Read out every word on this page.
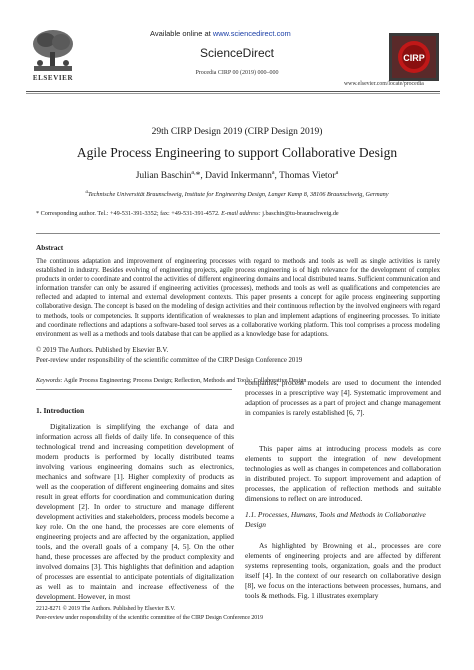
ELSEVIER
Available online at www.sciencedirect.com
ScienceDirect
Procedia CIRP 00 (2019) 000–000
CIRP
www.elsevier.com/locate/procedia
29th CIRP Design 2019 (CIRP Design 2019)
Agile Process Engineering to support Collaborative Design
Julian Baschin$^{a,}$*, David Inkermann$^a$, Thomas Vietor$^a$
$^a$Technische Universität Braunschweig, Institute for Engineering Design, Langer Kamp 8, 38106 Braunschweig, Germany
* Corresponding author. Tel.: +49-531-391-3352; fax: +49-531-391-4572. E-mail address: j.baschin@tu-braunschweig.de
Abstract
The continuous adaptation and improvement of engineering processes with regard to methods and tools as well as single activities is rarely established in industry. Besides evolving of engineering projects, agile process engineering is of high relevance for the development of complex products in order to coordinate and control the activities of different engineering domains and local distributed teams. Sufficient communication and information transfer can only be assured if engineering activities (processes), methods and tools as well as qualifications and competencies are reflected and adapted to internal and external development contexts. This paper presents a concept for agile process engineering supporting collaborative design. The concept is based on the modeling of design activities and their continuous reflection by the involved engineers with regard to methods, tools or competencies. It supports identification of weaknesses to plan and implement adaptions of engineering processes. To initiate and coordinate reflections and adaptions a software-based tool serves as a collaborative working platform. This tool comprises a process modeling environment as well as a methods and tools database that can be applied as a knowledge base for adaptions.
© 2019 The Authors. Published by Elsevier B.V.
Peer-review under responsibility of the scientific committee of the CIRP Design Conference 2019
Keywords: Agile Process Engineering; Process Design; Reflection, Methods and Tools; Collaborative Design
1. Introduction

Digitalization is simplifying the exchange of data and information across all fields of daily life. In consequence of this technological trend and increasing competition development of modern products is performed by locally distributed teams involving various engineering domains such as electronics, mechanics and software [1]. Higher complexity of products as well as the cooperation of different engineering domains and sites result in great efforts for coordination and communication during development [2]. In order to structure and manage different development activities and stakeholders, process models become a key role. On the one hand, the processes are core elements of engineering projects and are affected by the organization, applied tools, and the overall goals of a company [4, 5]. On the other hand, these processes are affected by the product complexity and involved domains [3]. This highlights that definition and adaption of processes are essential to anticipate potentials of digitalization as well as to maintain and increase effectiveness of the development. However, in most

companies, process models are used to document the intended processes in a prescriptive way [4]. Systematic improvement and adaption of processes as a part of project and change management in companies is rarely established [6, 7].

This paper aims at introducing process models as core elements to support the integration of new development technologies as well as changes in competences and collaboration in distributed project. To support improvement and adaption of processes, the application of reflection methods and suitable dimensions to reflect on are introduced.

1.1. Processes, Humans, Tools and Methods in Collaborative Design

As highlighted by Browning et al., processes are core elements of engineering projects and are affected by different systems representing tools, organization, goals and the product itself [4]. In the context of our research on collaborative design [8], we focus on the interactions between processes, humans, and tools & methods. Fig. 1 illustrates exemplary

2212-8271 © 2019 The Authors. Published by Elsevier B.V.
Peer-review under responsibility of the scientific committee of the CIRP Design Conference 2019
